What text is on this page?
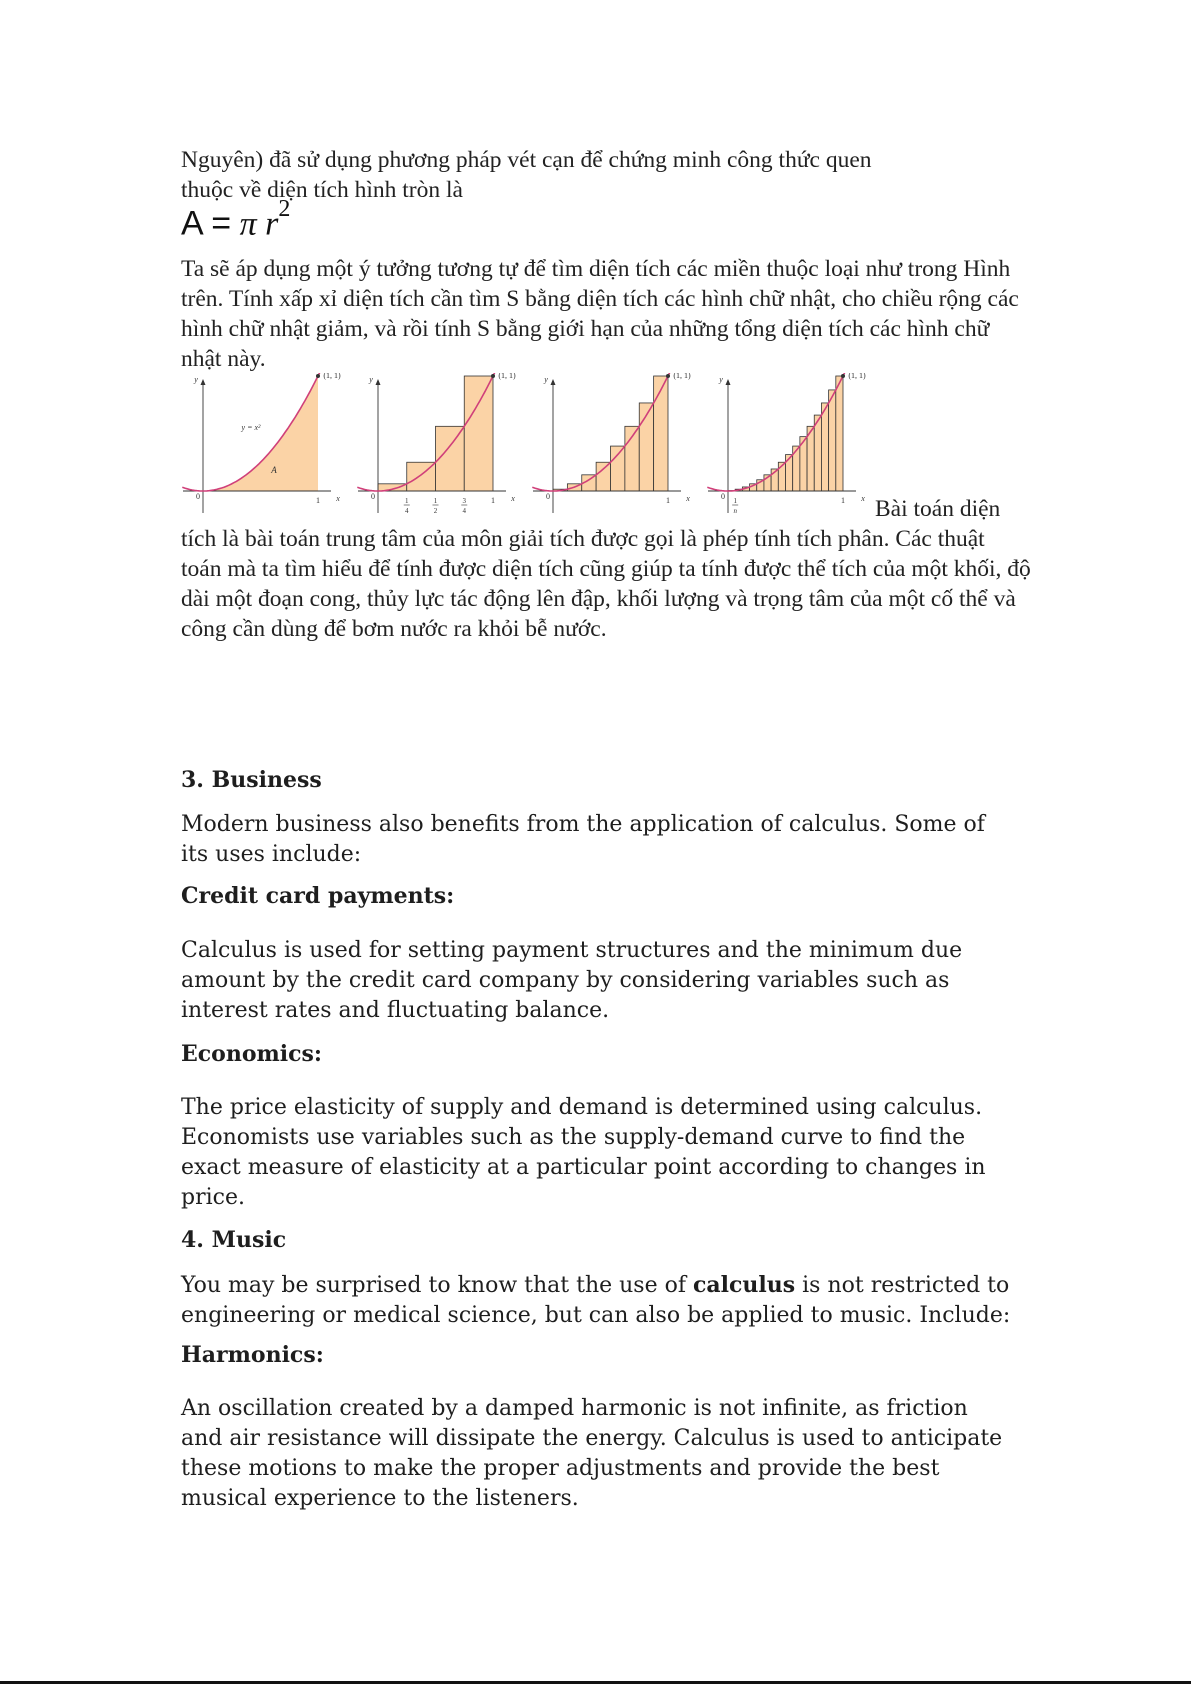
Nguyên) đã sử dụng phương pháp vét cạn để chứng minh công thức quen thuộc về diện tích hình tròn là

A = π $r^2$

Ta sẽ áp dụng một ý tưởng tương tự để tìm diện tích các miền thuộc loại như trong Hình trên. Tính xấp xỉ diện tích cần tìm S bằng diện tích các hình chữ nhật, cho chiều rộng các hình chữ nhật giảm, và rồi tính S bằng giới hạn của những tổng diện tích các hình chữ nhật này.

(1, 1)
y
x
0	1
y = x²
A
(1, 1)
y
x
0	1
1
4
1
2
3
4
(1, 1)
y
x
0	1
(1, 1)
y
x
0	1
1
n	Bài toán diện

tích là bài toán trung tâm của môn giải tích được gọi là phép tính tích phân. Các thuật toán mà ta tìm hiểu để tính được diện tích cũng giúp ta tính được thể tích của một khối, độ dài một đoạn cong, thủy lực tác động lên đập, khối lượng và trọng tâm của một cố thể và công cần dùng để bơm nước ra khỏi bễ nước.

3. Business

Modern business also benefits from the application of calculus. Some of its uses include:

Credit card payments:

Calculus is used for setting payment structures and the minimum due amount by the credit card company by considering variables such as interest rates and fluctuating balance.

Economics:

The price elasticity of supply and demand is determined using calculus. Economists use variables such as the supply-demand curve to find the exact measure of elasticity at a particular point according to changes in price.

4. Music

You may be surprised to know that the use of calculus is not restricted to engineering or medical science, but can also be applied to music. Include:

Harmonics:

An oscillation created by a damped harmonic is not infinite, as friction and air resistance will dissipate the energy. Calculus is used to anticipate these motions to make the proper adjustments and provide the best musical experience to the listeners.
